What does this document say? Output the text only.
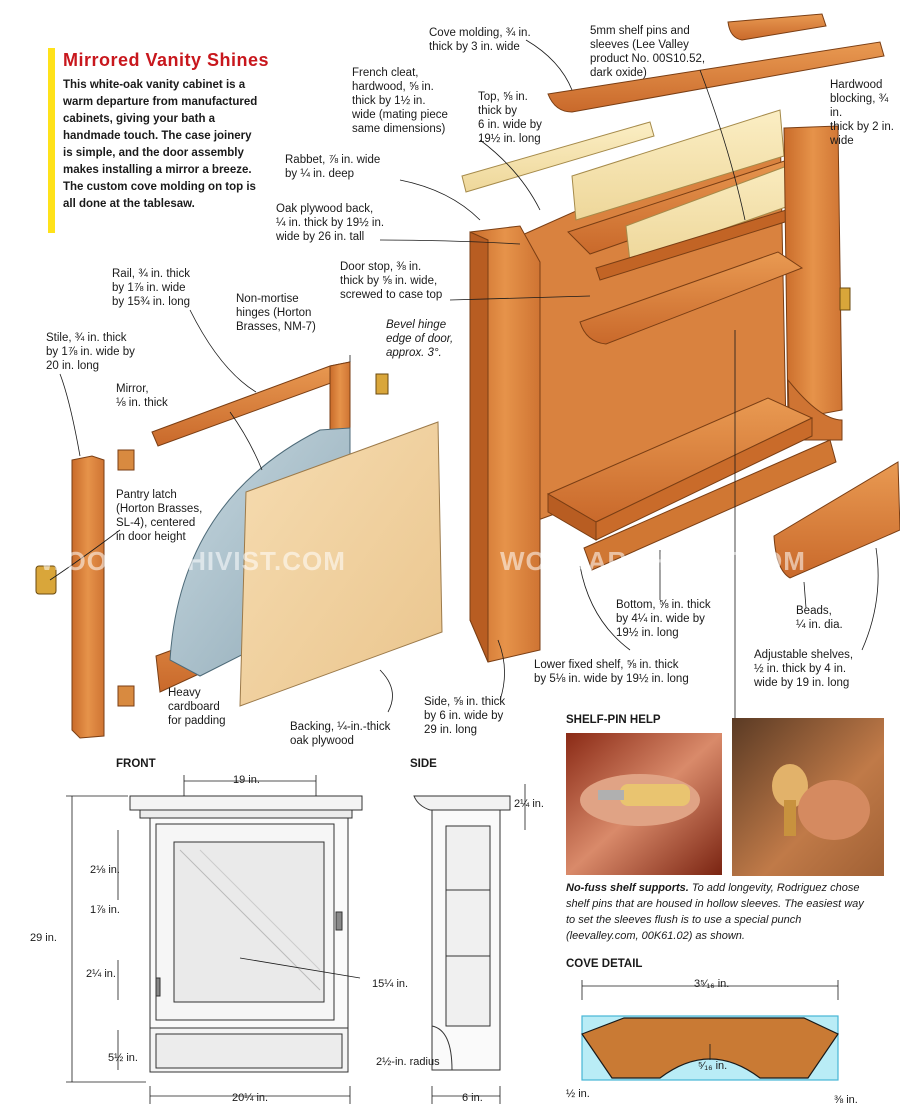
Mirrored Vanity Shines
This white-oak vanity cabinet is a warm departure from manufactured cabinets, giving your bath a handmade touch. The case joinery is simple, and the door assembly makes installing a mirror a breeze. The custom cove molding on top is all done at the tablesaw.
WOODARCHIVIST.COM	WOODARCHIVIST.COM
Cove molding, ¾ in.
thick by 3 in. wide
5mm shelf pins and
sleeves (Lee Valley
product No. 00S10.52,
dark oxide)
Hardwood
blocking, ¾ in.
thick by 2 in.
wide
French cleat,
hardwood, ⅝ in.
thick by 1½ in.
wide (mating piece
same dimensions)
Top, ⅝ in.
thick by
6 in. wide by
19½ in. long
Rabbet, ⅞ in. wide
by ¼ in. deep
Oak plywood back,
¼ in. thick by 19½ in.
wide by 26 in. tall
Rail, ¾ in. thick
by 1⅞ in. wide
by 15¾ in. long
Door stop, ⅜ in.
thick by ⅝ in. wide,
screwed to case top
Non-mortise
hinges (Horton
Brasses, NM-7)	Bevel hinge
edge of door,
approx. 3°.
Stile, ¾ in. thick
by 1⅞ in. wide by
20 in. long
Mirror,
⅛ in. thick
Pantry latch
(Horton Brasses,
SL-4), centered
in door height
Heavy
cardboard
for padding	Backing, ¼-in.-thick
oak plywood
Side, ⅝ in. thick
by 6 in. wide by
29 in. long
Lower fixed shelf, ⅝ in. thick
by 5⅛ in. wide by 19½ in. long
Bottom, ⅝ in. thick
by 4¼ in. wide by
19½ in. long
Beads,
¼ in. dia.
Adjustable shelves,
½ in. thick by 4 in.
wide by 19 in. long
FRONT	SIDE
SHELF-PIN HELP
COVE DETAIL
No-fuss shelf supports. To add longevity, Rodriguez chose shelf pins that are housed in hollow sleeves. The easiest way to set the sleeves flush is to use a special punch (leevalley.com, 00K61.02) as shown.
19 in.
29 in.
2⅛ in.
1⅞ in.
2¼ in.
5½ in.
15¼ in.
20¼ in.
2¼ in.
2½-in. radius
6 in.
3⁵⁄₁₆ in.
⁵⁄₁₆ in.
½ in.	⅜ in.
